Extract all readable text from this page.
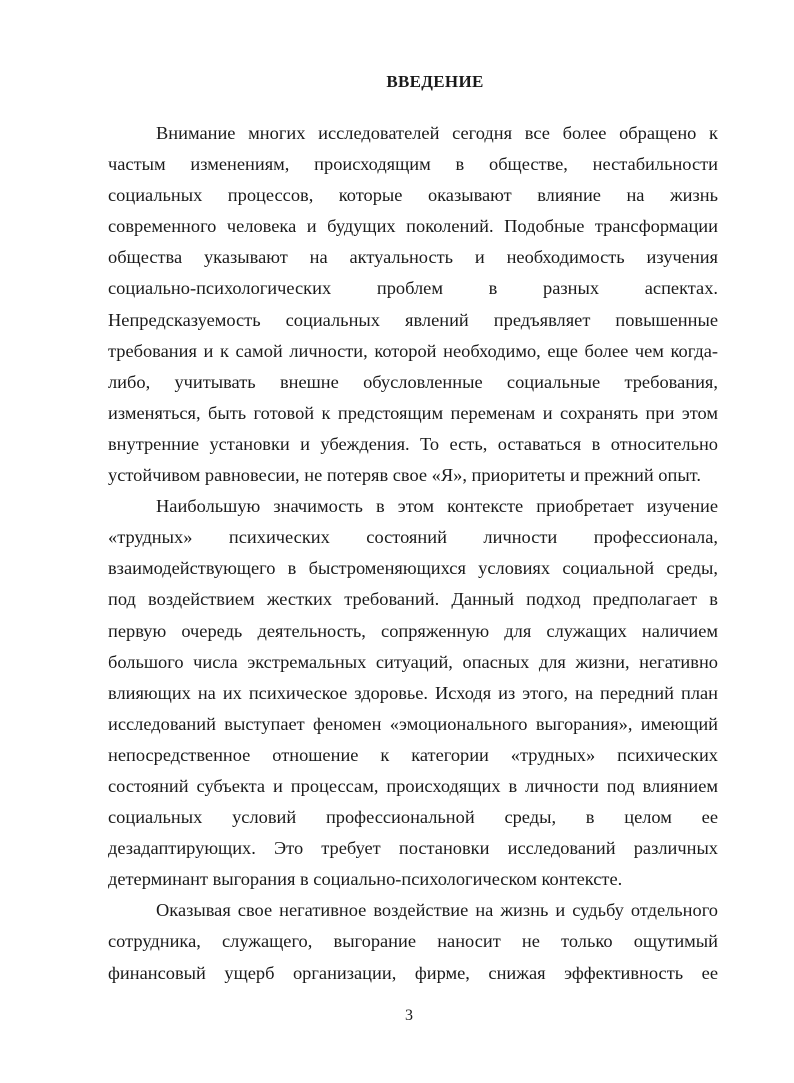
ВВЕДЕНИЕ

Внимание многих исследователей сегодня все более обращено к
частым изменениям, происходящим в обществе, нестабильности
социальных процессов, которые оказывают влияние на жизнь
современного человека и будущих поколений. Подобные трансформации
общества указывают на актуальность и необходимость изучения
социально-психологических проблем в разных аспектах.
Непредсказуемость социальных явлений предъявляет повышенные
требования и к самой личности, которой необходимо, еще более чем когда-
либо, учитывать внешне обусловленные социальные требования,
изменяться, быть готовой к предстоящим переменам и сохранять при этом
внутренние установки и убеждения. То есть, оставаться в относительно
устойчивом равновесии, не потеряв свое «Я», приоритеты и прежний опыт.

Наибольшую значимость в этом контексте приобретает изучение
«трудных» психических состояний личности профессионала,
взаимодействующего в быстроменяющихся условиях социальной среды,
под воздействием жестких требований. Данный подход предполагает в
первую очередь деятельность, сопряженную для служащих наличием
большого числа экстремальных ситуаций, опасных для жизни, негативно
влияющих на их психическое здоровье. Исходя из этого, на передний план
исследований выступает феномен «эмоционального выгорания», имеющий
непосредственное отношение к категории «трудных» психических
состояний субъекта и процессам, происходящих в личности под влиянием
социальных условий профессиональной среды, в целом ее
дезадаптирующих. Это требует постановки исследований различных
детерминант выгорания в социально-психологическом контексте.

Оказывая свое негативное воздействие на жизнь и судьбу отдельного
сотрудника, служащего, выгорание наносит не только ощутимый
финансовый ущерб организации, фирме, снижая эффективность ее

3
